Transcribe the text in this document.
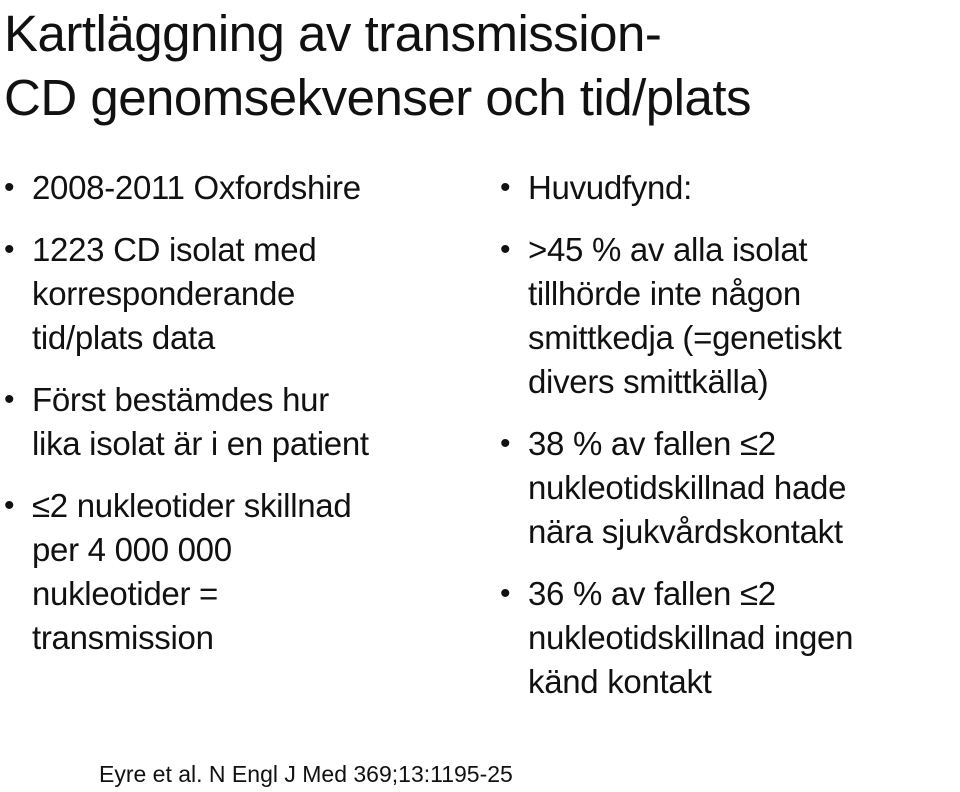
Kartläggning av transmission-
CD genomsekvenser och tid/plats
• 2008-2011 Oxfordshire
• 1223 CD isolat med
korresponderande
tid/plats data
• Först bestämdes hur
lika isolat är i en patient
• ≤2 nukleotider skillnad
per 4 000 000
nukleotider =
transmission
• Huvudfynd:
• >45 % av alla isolat
tillhörde inte någon
smittkedja (=genetiskt
divers smittkälla)
• 38 % av fallen ≤2
nukleotidskillnad hade
nära sjukvårdskontakt
• 36 % av fallen ≤2
nukleotidskillnad ingen
känd kontakt
Eyre et al. N Engl J Med 369;13:1195-25
